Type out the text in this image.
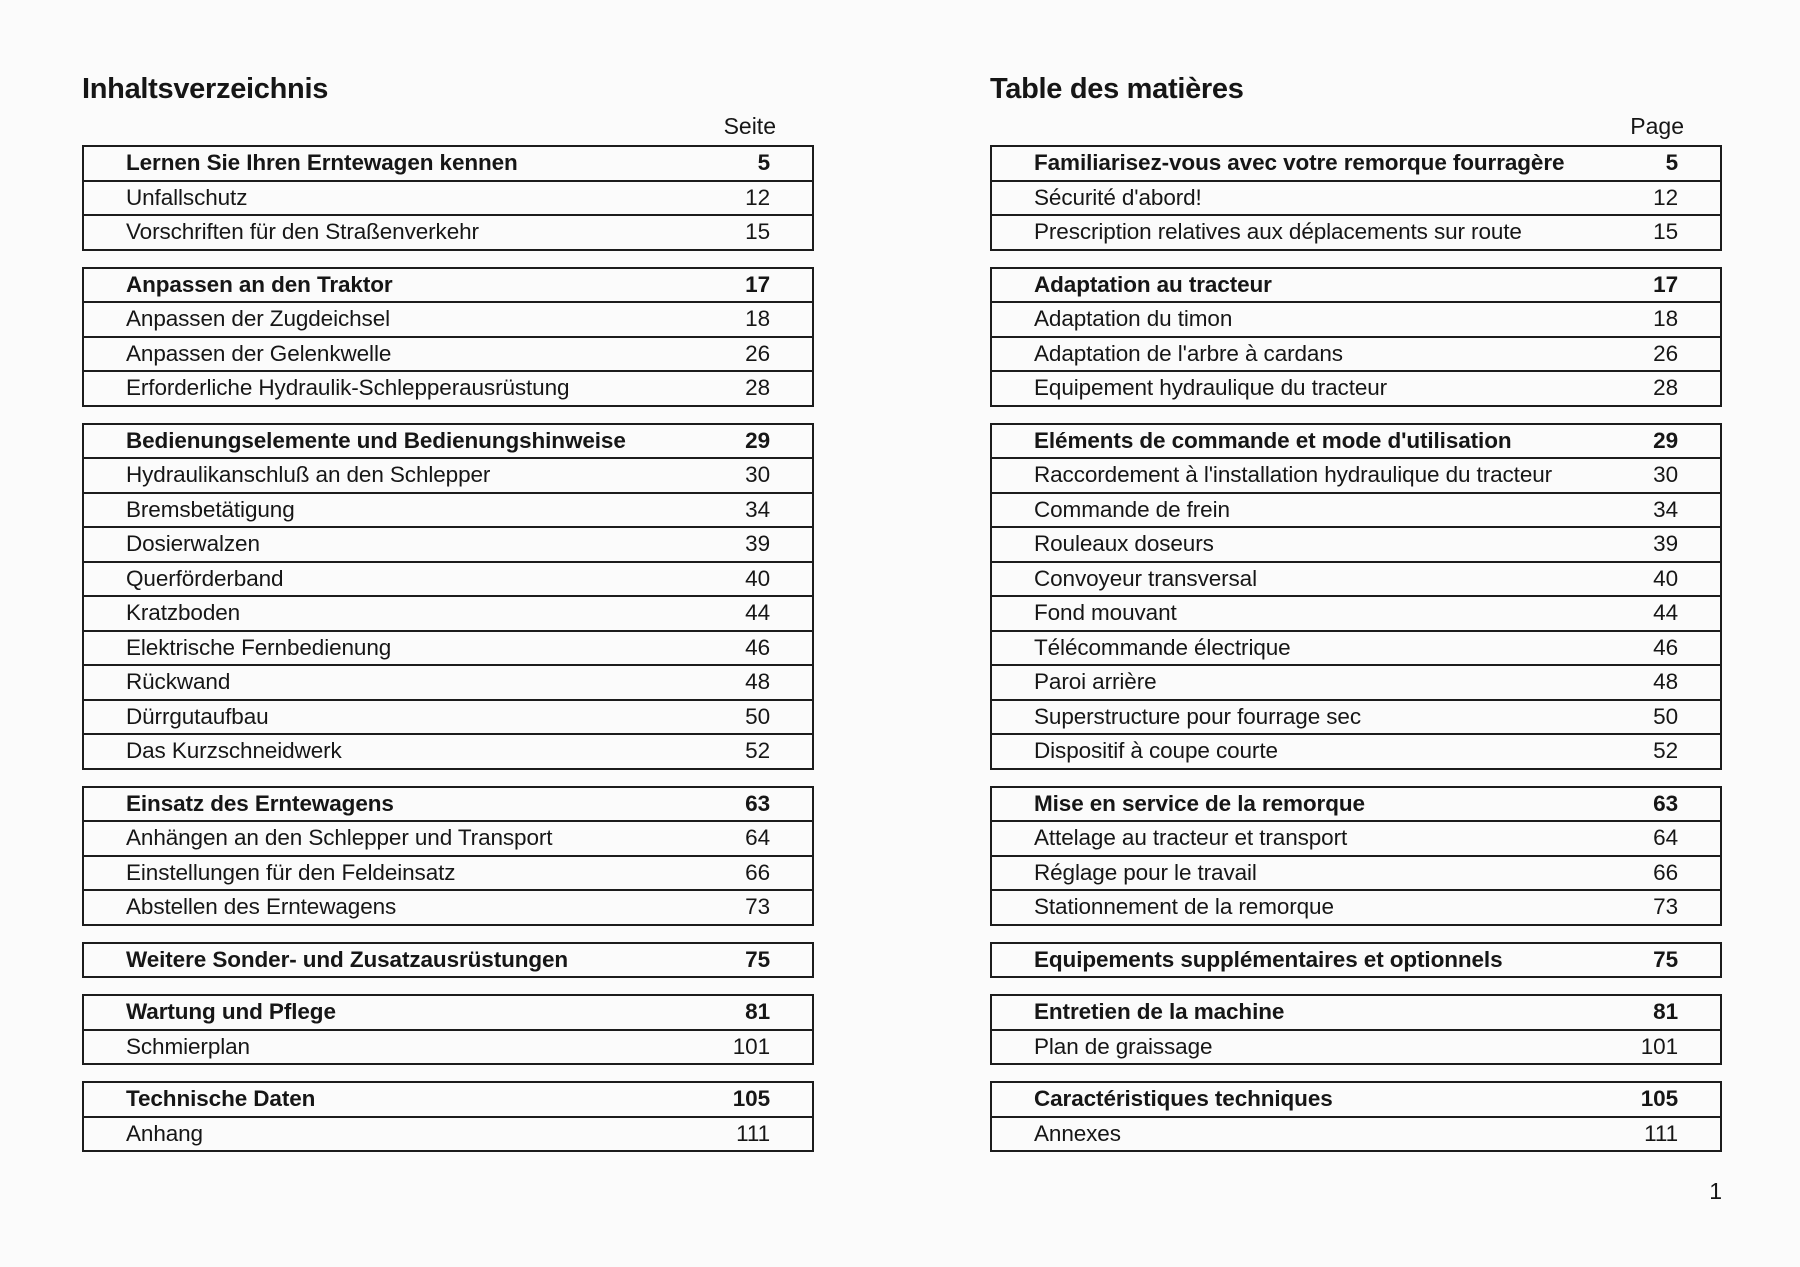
Inhaltsverzeichnis
Seite
Lernen Sie Ihren Erntewagen kennen	5
Unfallschutz	12
Vorschriften für den Straßenverkehr	15
Anpassen an den Traktor	17
Anpassen der Zugdeichsel	18
Anpassen der Gelenkwelle	26
Erforderliche Hydraulik-Schlepperausrüstung	28
Bedienungselemente und Bedienungshinweise	29
Hydraulikanschluß an den Schlepper	30
Bremsbetätigung	34
Dosierwalzen	39
Querförderband	40
Kratzboden	44
Elektrische Fernbedienung	46
Rückwand	48
Dürrgutaufbau	50
Das Kurzschneidwerk	52
Einsatz des Erntewagens	63
Anhängen an den Schlepper und Transport	64
Einstellungen für den Feldeinsatz	66
Abstellen des Erntewagens	73
Weitere Sonder- und Zusatzausrüstungen	75
Wartung und Pflege	81
Schmierplan	101
Technische Daten	105
Anhang	111
Table des matières
Page
Familiarisez-vous avec votre remorque fourragère	5
Sécurité d'abord!	12
Prescription relatives aux déplacements sur route	15
Adaptation au tracteur	17
Adaptation du timon	18
Adaptation de l'arbre à cardans	26
Equipement hydraulique du tracteur	28
Eléments de commande et mode d'utilisation	29
Raccordement à l'installation hydraulique du tracteur	30
Commande de frein	34
Rouleaux doseurs	39
Convoyeur transversal	40
Fond mouvant	44
Télécommande électrique	46
Paroi arrière	48
Superstructure pour fourrage sec	50
Dispositif à coupe courte	52
Mise en service de la remorque	63
Attelage au tracteur et transport	64
Réglage pour le travail	66
Stationnement de la remorque	73
Equipements supplémentaires et optionnels	75
Entretien de la machine	81
Plan de graissage	101
Caractéristiques techniques	105
Annexes	111
1
